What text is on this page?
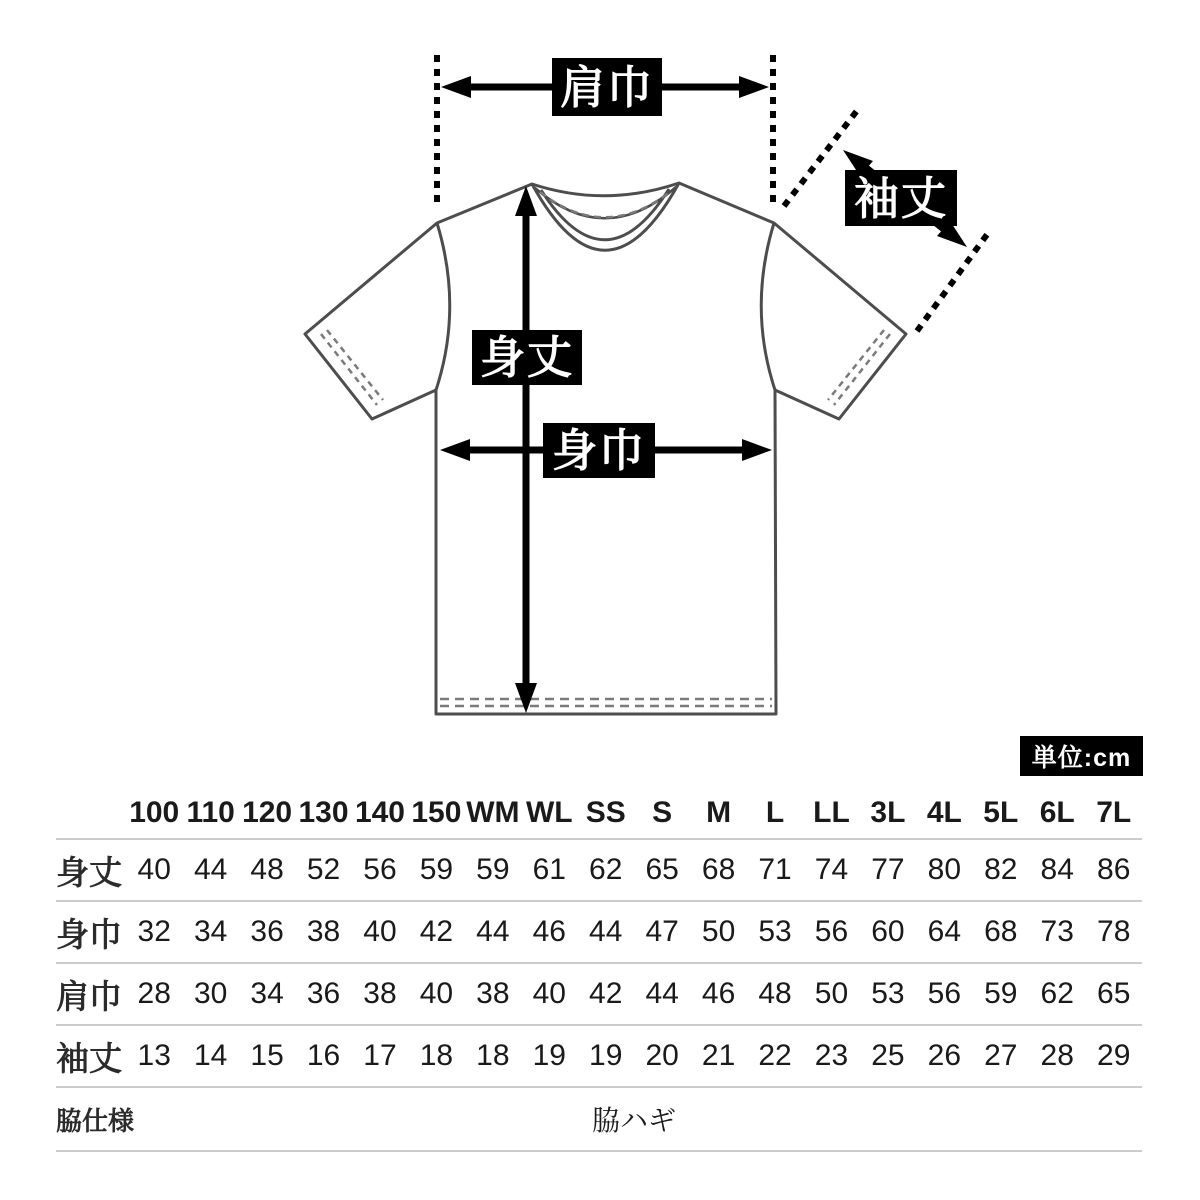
肩巾
袖丈
身丈
身巾
単位:cm
	100	110	120	130	140	150	WM	WL	SS	S	M	L	LL	3L	4L	5L	6L	7L
身丈	40	44	48	52	56	59	59	61	62	65	68	71	74	77	80	82	84	86
身巾	32	34	36	38	40	42	44	46	44	47	50	53	56	60	64	68	73	78
肩巾	28	30	34	36	38	40	38	40	42	44	46	48	50	53	56	59	62	65
袖丈	13	14	15	16	17	18	18	19	19	20	21	22	23	25	26	27	28	29
脇仕様	脇ハギ																	
